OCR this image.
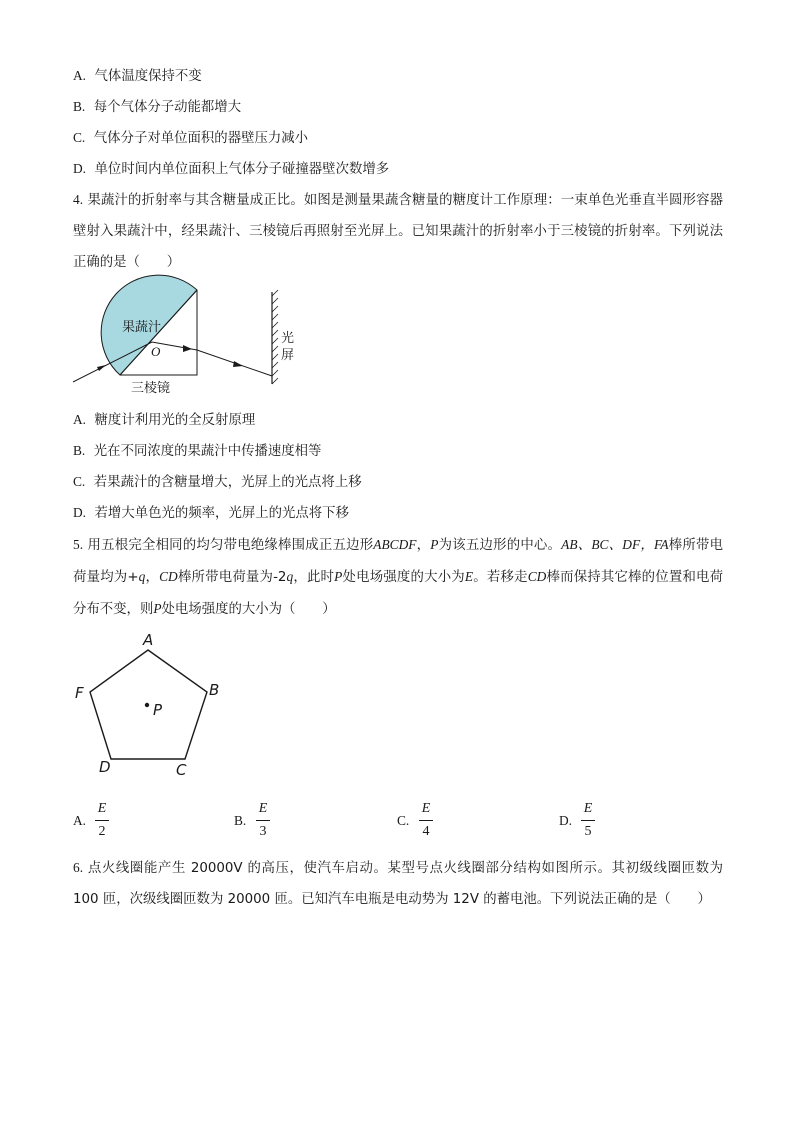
A. 气体温度保持不变
B. 每个气体分子动能都增大
C. 气体分子对单位面积的器壁压力减小
D. 单位时间内单位面积上气体分子碰撞器壁次数增多
4. 果蔬汁的折射率与其含糖量成正比。如图是测量果蔬含糖量的糖度计工作原理：一束单色光垂直半圆形容器壁射入果蔬汁中，经果蔬汁、三棱镜后再照射至光屏上。已知果蔬汁的折射率小于三棱镜的折射率。下列说法正确的是（　　）
果蔬汁
O
三棱镜
光
屏
A. 糖度计利用光的全反射原理
B. 光在不同浓度的果蔬汁中传播速度相等
C. 若果蔬汁的含糖量增大，光屏上的光点将上移
D. 若增大单色光的频率，光屏上的光点将下移
5. 用五根完全相同的均匀带电绝缘棒围成正五边形ABCDF，P为该五边形的中心。AB、BC、DF，FA棒所带电荷量均为+q，CD棒所带电荷量为-2q，此时P处电场强度的大小为E。若移走CD棒而保持其它棒的位置和电荷分布不变，则P处电场强度的大小为（　　）
A
B
C
D
F
P
A.
E
2
B.
E
3
C.
E
4
D.
E
5
6. 点火线圈能产生 20000V 的高压，使汽车启动。某型号点火线圈部分结构如图所示。其初级线圈匝数为 100 匝，次级线圈匝数为 20000 匝。已知汽车电瓶是电动势为 12V 的蓄电池。下列说法正确的是（　　）
